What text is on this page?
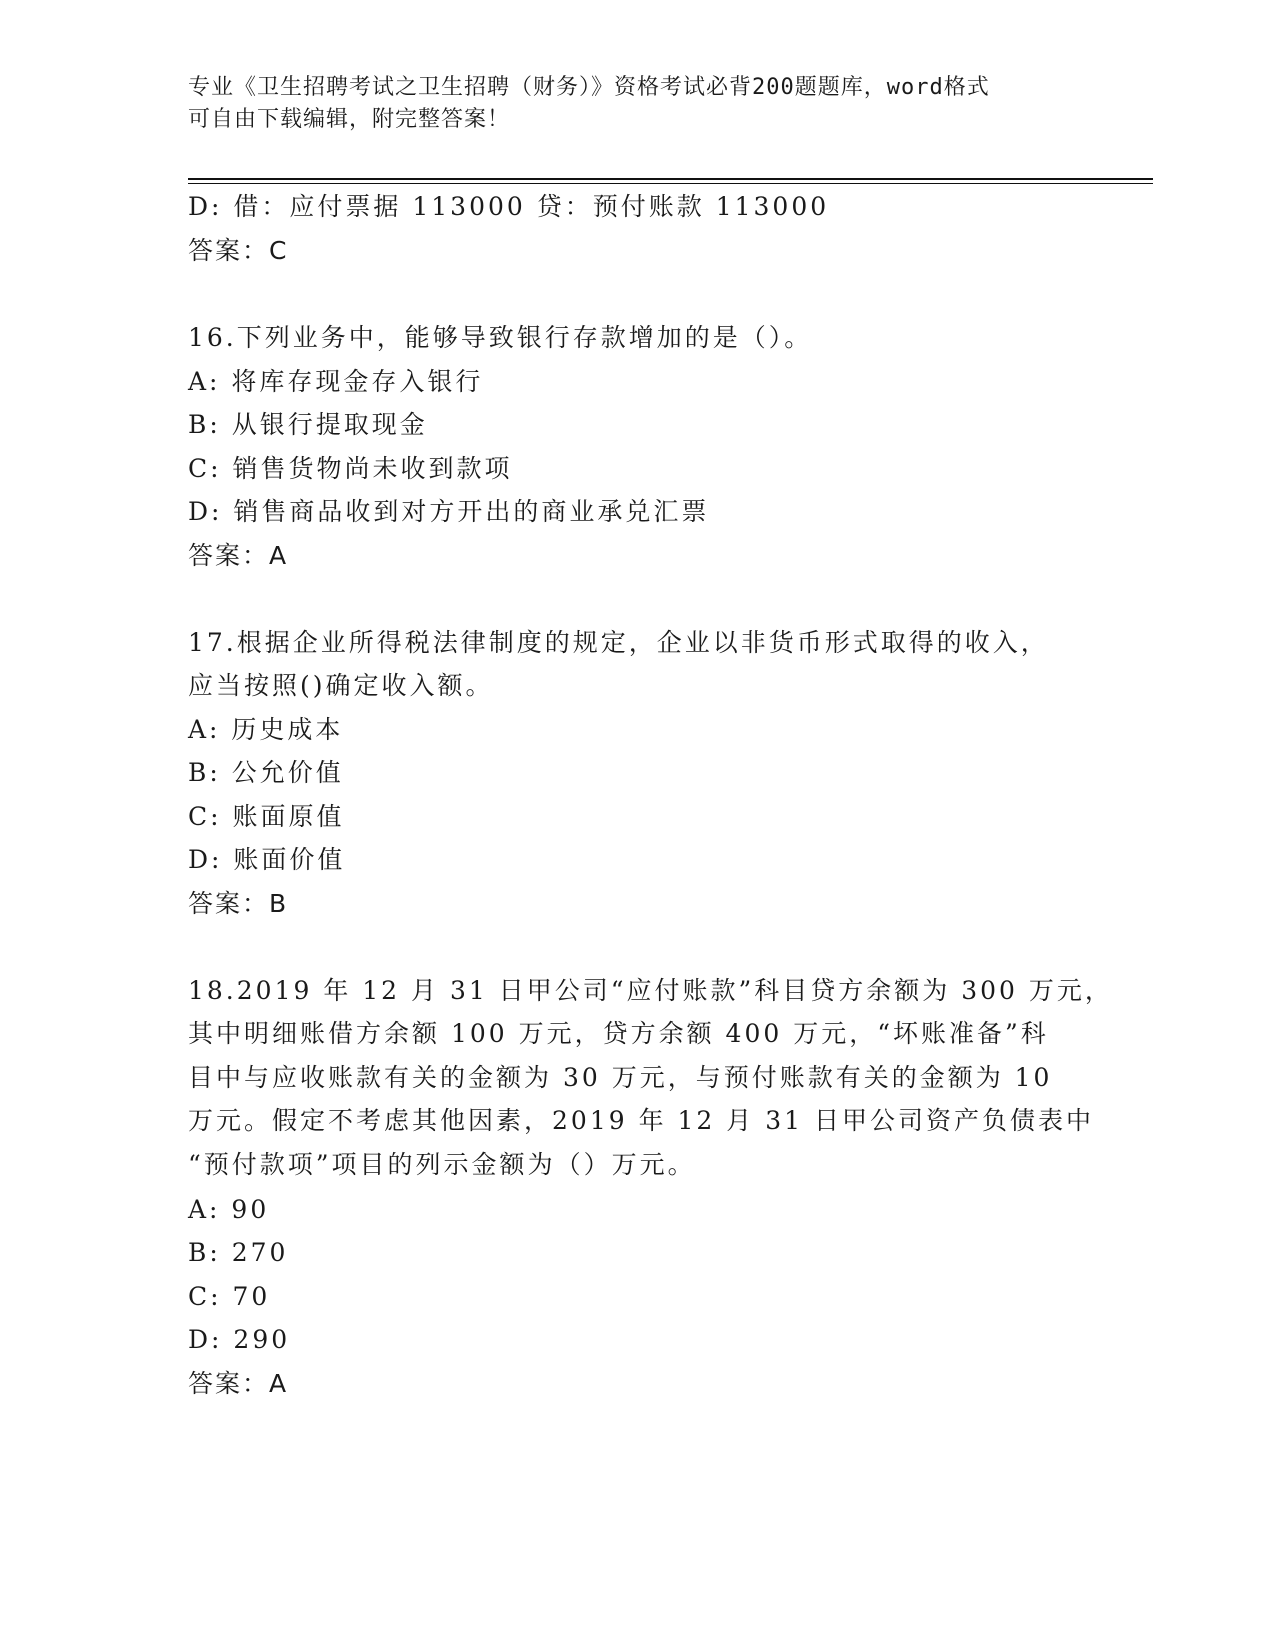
专业《卫生招聘考试之卫生招聘（财务）》资格考试必背200题题库，word格式
可自由下载编辑，附完整答案！
D: 借：应付票据 113000 贷：预付账款 113000
答案：C
16.下列业务中，能够导致银行存款增加的是（）。
A: 将库存现金存入银行
B: 从银行提取现金
C: 销售货物尚未收到款项
D: 销售商品收到对方开出的商业承兑汇票
答案：A
17.根据企业所得税法律制度的规定，企业以非货币形式取得的收入，
应当按照()确定收入额。
A: 历史成本
B: 公允价值
C: 账面原值
D: 账面价值
答案：B
18.2019 年 12 月 31 日甲公司“应付账款”科目贷方余额为 300 万元，
其中明细账借方余额 100 万元，贷方余额 400 万元，“坏账准备”科
目中与应收账款有关的金额为 30 万元，与预付账款有关的金额为 10
万元。假定不考虑其他因素，2019 年 12 月 31 日甲公司资产负债表中
“预付款项”项目的列示金额为（）万元。
A: 90
B: 270
C: 70
D: 290
答案：A
